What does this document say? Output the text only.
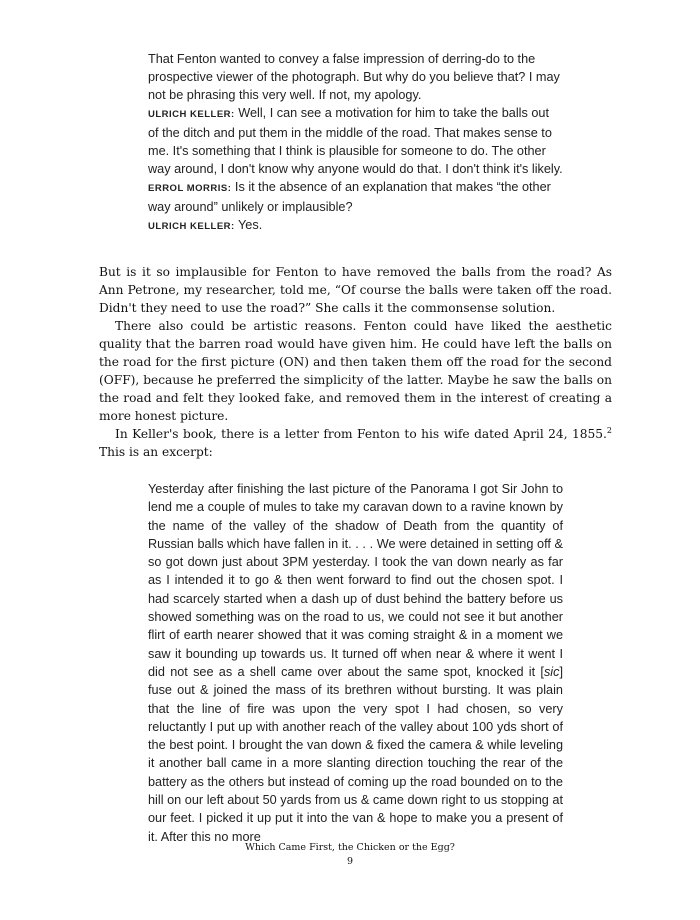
That Fenton wanted to convey a false impression of derring-do to the prospective viewer of the photograph. But why do you believe that? I may not be phrasing this very well. If not, my apology.

ULRICH KELLER: Well, I can see a motivation for him to take the balls out of the ditch and put them in the middle of the road. That makes sense to me. It's something that I think is plausible for someone to do. The other way around, I don't know why anyone would do that. I don't think it's likely.

ERROL MORRIS: Is it the absence of an explanation that makes “the other way around” unlikely or implausible?

ULRICH KELLER: Yes.

But is it so implausible for Fenton to have removed the balls from the road? As Ann Petrone, my researcher, told me, “Of course the balls were taken off the road. Didn't they need to use the road?” She calls it the commonsense solution.

There also could be artistic reasons. Fenton could have liked the aesthetic quality that the barren road would have given him. He could have left the balls on the road for the first picture (ON) and then taken them off the road for the second (OFF), because he preferred the simplicity of the latter. Maybe he saw the balls on the road and felt they looked fake, and removed them in the interest of creating a more honest picture.

In Keller's book, there is a letter from Fenton to his wife dated April 24, 1855.$^2$ This is an excerpt:

Yesterday after finishing the last picture of the Panorama I got Sir John to lend me a couple of mules to take my caravan down to a ravine known by the name of the valley of the shadow of Death from the quantity of Russian balls which have fallen in it. . . . We were detained in setting off & so got down just about 3PM yesterday. I took the van down nearly as far as I intended it to go & then went forward to find out the chosen spot. I had scarcely started when a dash up of dust behind the battery before us showed something was on the road to us, we could not see it but another flirt of earth nearer showed that it was coming straight & in a moment we saw it bounding up towards us. It turned off when near & where it went I did not see as a shell came over about the same spot, knocked it [sic] fuse out & joined the mass of its brethren without bursting. It was plain that the line of fire was upon the very spot I had chosen, so very reluctantly I put up with another reach of the valley about 100 yds short of the best point. I brought the van down & fixed the camera & while leveling it another ball came in a more slanting direction touching the rear of the battery as the others but instead of coming up the road bounded on to the hill on our left about 50 yards from us & came down right to us stopping at our feet. I picked it up put it into the van & hope to make you a present of it. After this no more

Which Came First, the Chicken or the Egg?
9
